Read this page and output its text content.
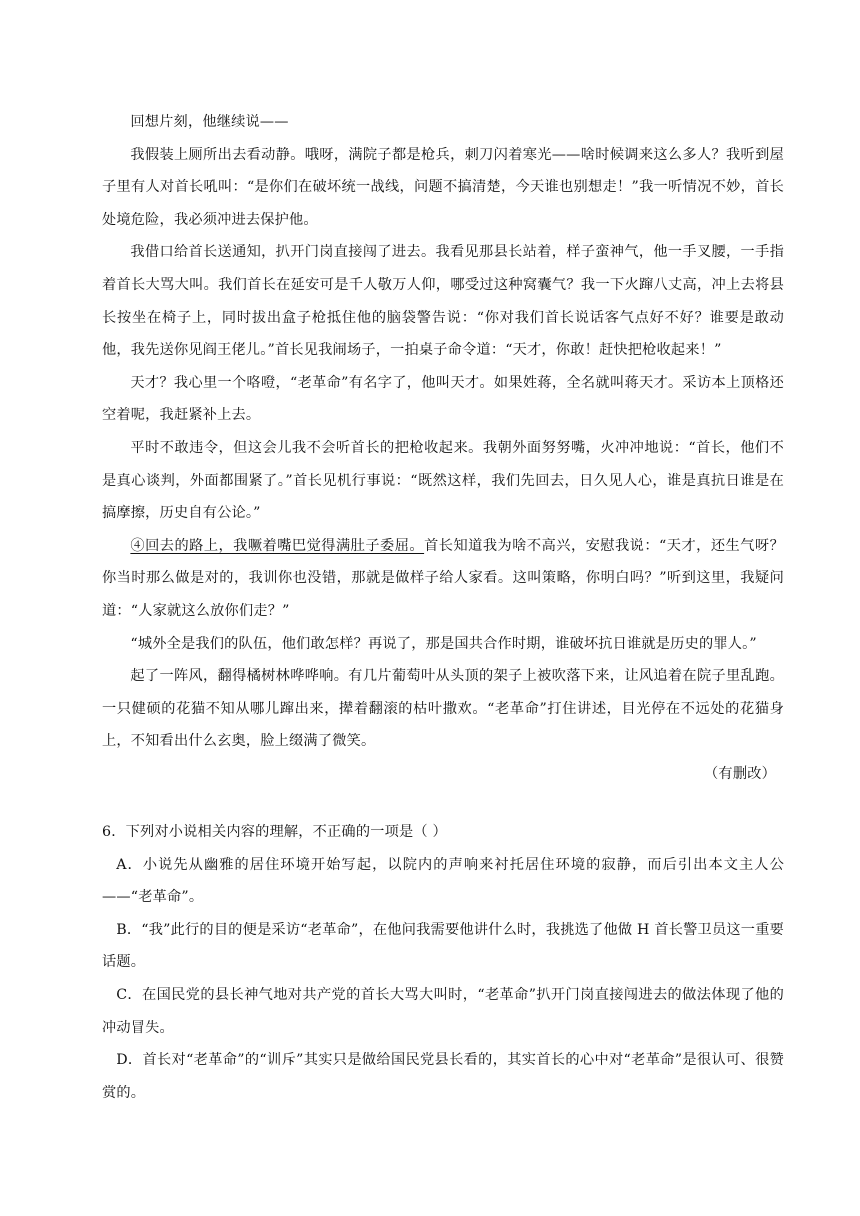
回想片刻，他继续说——

我假装上厕所出去看动静。哦呀，满院子都是枪兵，刺刀闪着寒光——啥时候调来这么多人？我听到屋子里有人对首长吼叫：“是你们在破坏统一战线，问题不搞清楚，今天谁也别想走！”我一听情况不妙，首长处境危险，我必须冲进去保护他。

我借口给首长送通知，扒开门岗直接闯了进去。我看见那县长站着，样子蛮神气，他一手叉腰，一手指着首长大骂大叫。我们首长在延安可是千人敬万人仰，哪受过这种窝囊气？我一下火蹿八丈高，冲上去将县长按坐在椅子上，同时拔出盒子枪抵住他的脑袋警告说：“你对我们首长说话客气点好不好？谁要是敢动他，我先送你见阎王佬儿。”首长见我闹场子，一拍桌子命令道：“天才，你敢！赶快把枪收起来！”

天才？我心里一个咯噔，“老革命”有名字了，他叫天才。如果姓蒋，全名就叫蒋天才。采访本上顶格还空着呢，我赶紧补上去。

平时不敢违令，但这会儿我不会听首长的把枪收起来。我朝外面努努嘴，火冲冲地说：“首长，他们不是真心谈判，外面都围紧了。”首长见机行事说：“既然这样，我们先回去，日久见人心，谁是真抗日谁是在搞摩擦，历史自有公论。”

④回去的路上，我噘着嘴巴觉得满肚子委屈。首长知道我为啥不高兴，安慰我说：“天才，还生气呀？你当时那么做是对的，我训你也没错，那就是做样子给人家看。这叫策略，你明白吗？”听到这里，我疑问道：“人家就这么放你们走？”

“城外全是我们的队伍，他们敢怎样？再说了，那是国共合作时期，谁破坏抗日谁就是历史的罪人。”

起了一阵风，翻得橘树林哗哗响。有几片葡萄叶从头顶的架子上被吹落下来，让风追着在院子里乱跑。一只健硕的花猫不知从哪儿蹿出来，撵着翻滚的枯叶撒欢。“老革命”打住讲述，目光停在不远处的花猫身上，不知看出什么玄奥，脸上缀满了微笑。

（有删改）

6．下列对小说相关内容的理解，不正确的一项是（ ）

A．小说先从幽雅的居住环境开始写起，以院内的声响来衬托居住环境的寂静，而后引出本文主人公——“老革命”。

B．“我”此行的目的便是采访“老革命”，在他问我需要他讲什么时，我挑选了他做 H 首长警卫员这一重要话题。

C．在国民党的县长神气地对共产党的首长大骂大叫时，“老革命”扒开门岗直接闯进去的做法体现了他的冲动冒失。

D．首长对“老革命”的“训斥”其实只是做给国民党县长看的，其实首长的心中对“老革命”是很认可、很赞赏的。
